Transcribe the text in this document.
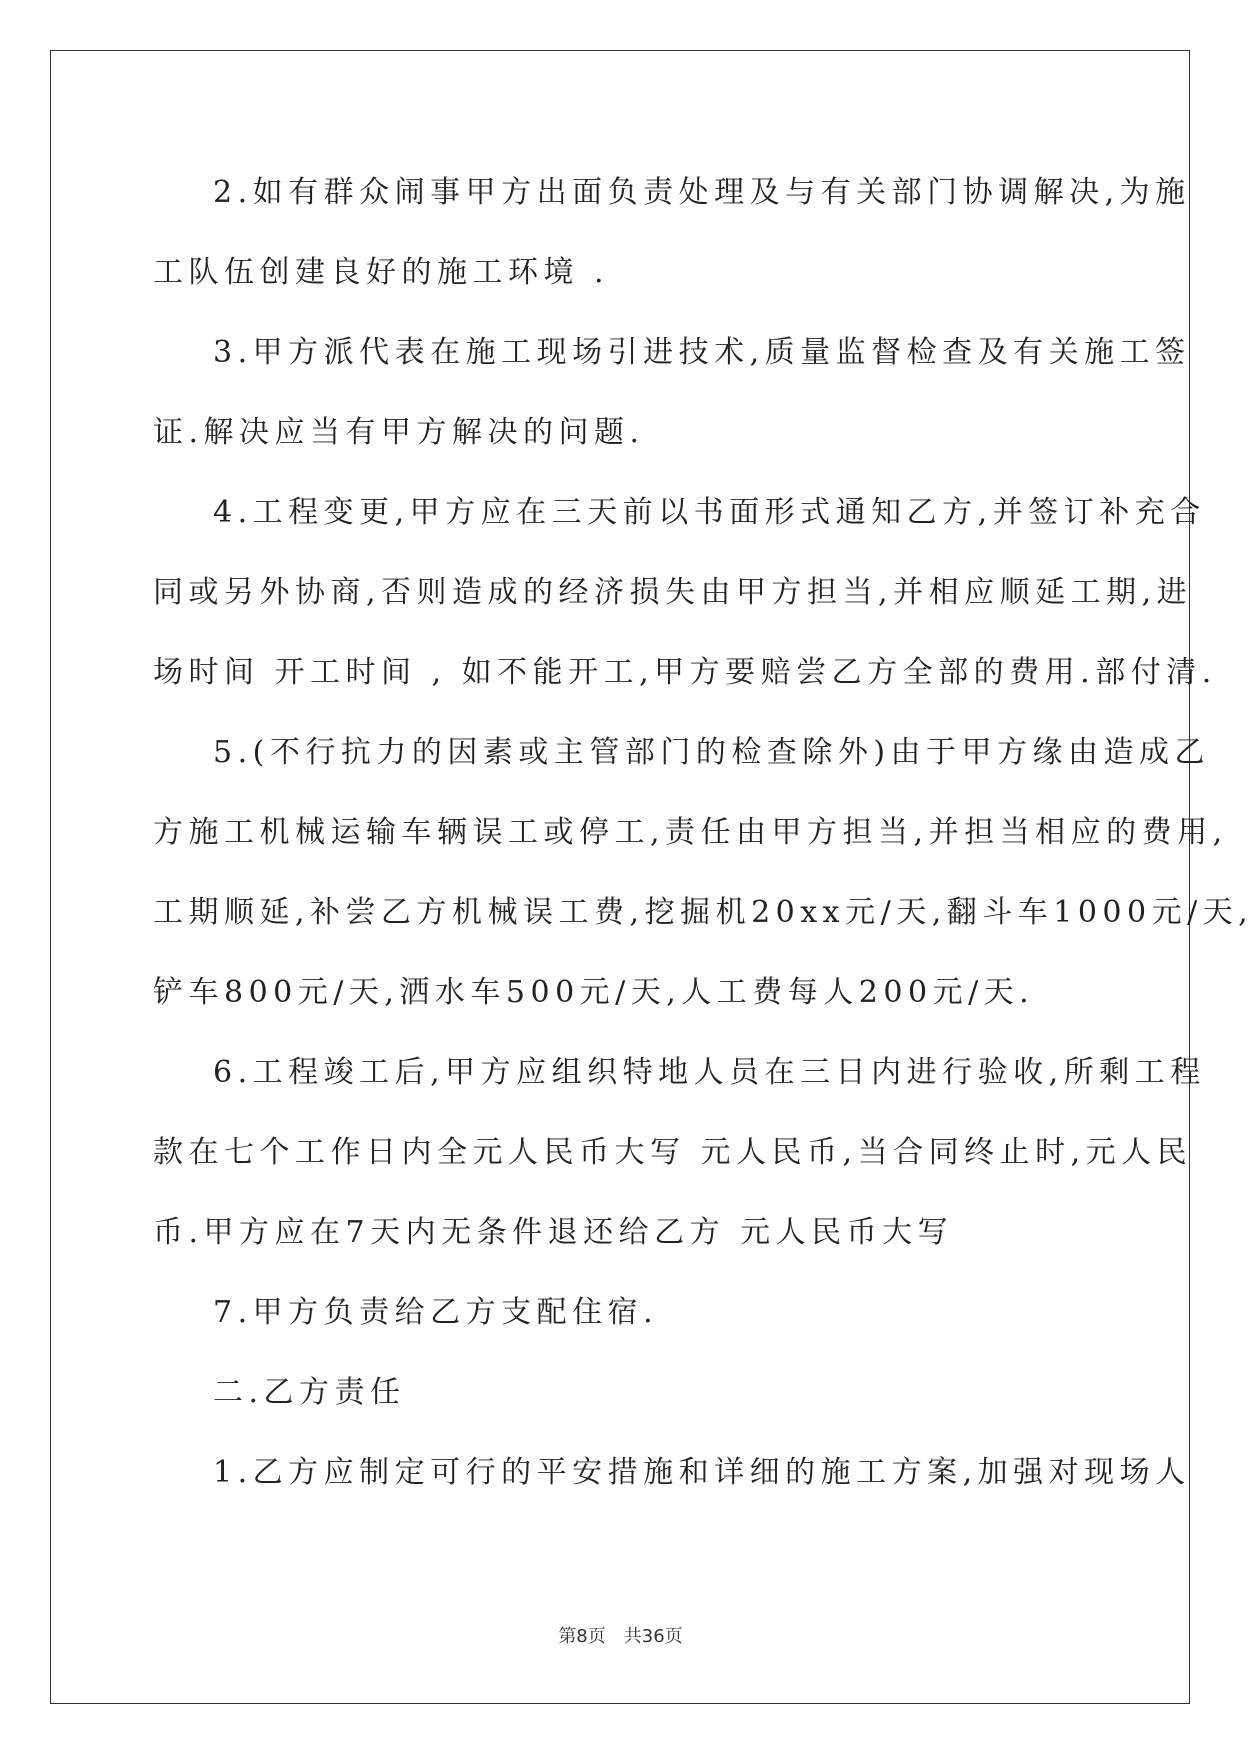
2.如有群众闹事甲方出面负责处理及与有关部门协调解决,为施
工队伍创建良好的施工环境 .
3.甲方派代表在施工现场引进技术,质量监督检查及有关施工签
证.解决应当有甲方解决的问题.
4.工程变更,甲方应在三天前以书面形式通知乙方,并签订补充合
同或另外协商,否则造成的经济损失由甲方担当,并相应顺延工期,进
场时间 开工时间 , 如不能开工,甲方要赔尝乙方全部的费用.部付清.
5.(不行抗力的因素或主管部门的检查除外)由于甲方缘由造成乙
方施工机械运输车辆误工或停工,责任由甲方担当,并担当相应的费用,
工期顺延,补尝乙方机械误工费,挖掘机20xx元/天,翻斗车1000元/天,
铲车800元/天,洒水车500元/天,人工费每人200元/天.
6.工程竣工后,甲方应组织特地人员在三日内进行验收,所剩工程
款在七个工作日内全元人民币大写 元人民币,当合同终止时,元人民
币.甲方应在7天内无条件退还给乙方 元人民币大写
7.甲方负责给乙方支配住宿.
二.乙方责任
1.乙方应制定可行的平安措施和详细的施工方案,加强对现场人
第8页　 共36页
